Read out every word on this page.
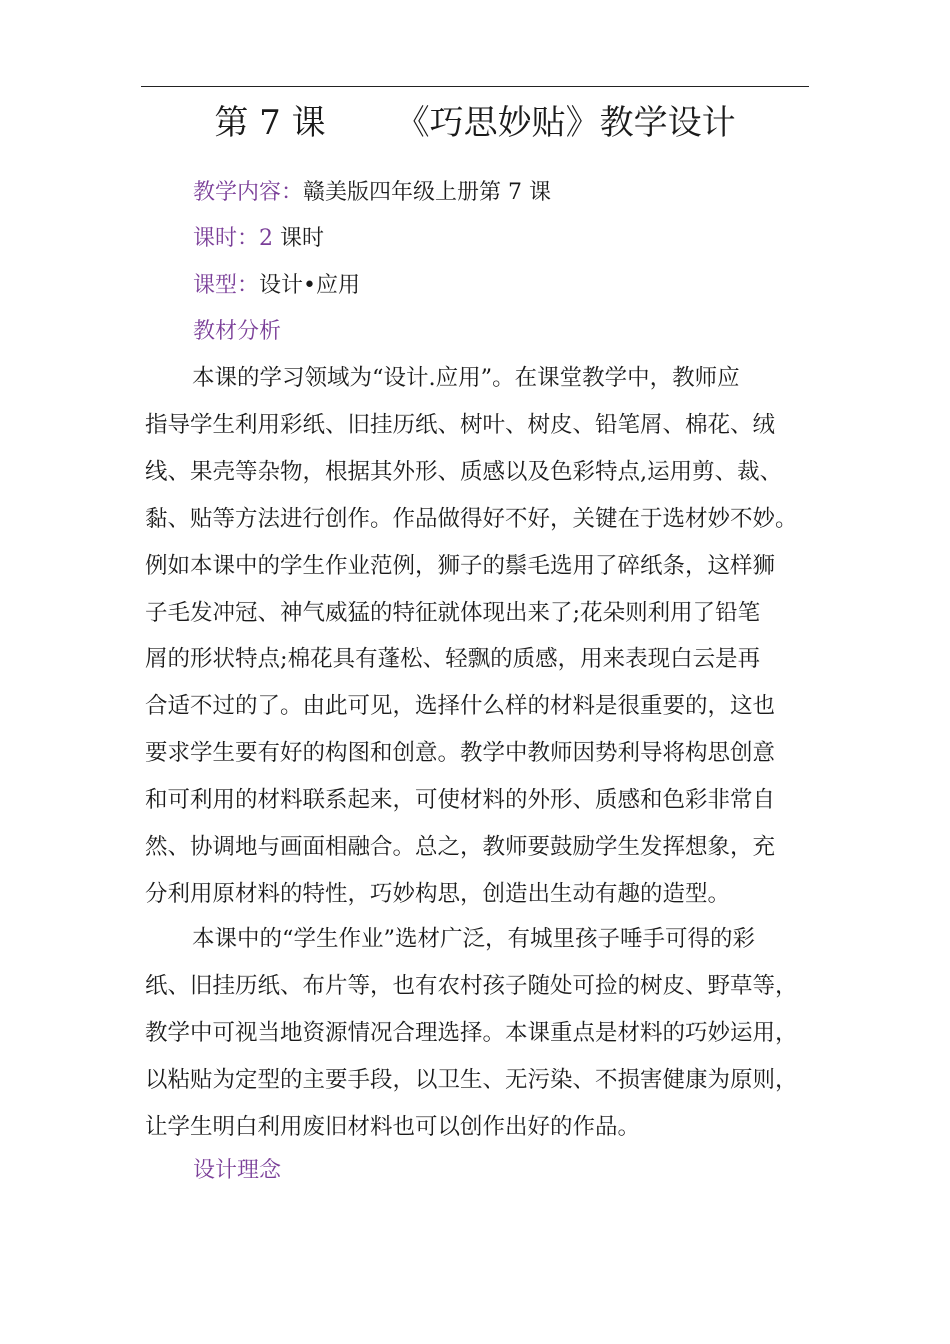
第 7 课 《巧思妙贴》教学设计
教学内容：赣美版四年级上册第 7 课
课时：2 课时
课型：设计•应用
教材分析
本课的学习领域为“设计.应用”。在课堂教学中，教师应
指导学生利用彩纸、旧挂历纸、树叶、树皮、铅笔屑、棉花、绒
线、果壳等杂物，根据其外形、质感以及色彩特点,运用剪、裁、
黏、贴等方法进行创作。作品做得好不好，关键在于选材妙不妙。
例如本课中的学生作业范例，狮子的鬃毛选用了碎纸条，这样狮
子毛发冲冠、神气威猛的特征就体现出来了;花朵则利用了铅笔
屑的形状特点;棉花具有蓬松、轻飘的质感，用来表现白云是再
合适不过的了。由此可见，选择什么样的材料是很重要的，这也
要求学生要有好的构图和创意。教学中教师因势利导将构思创意
和可利用的材料联系起来，可使材料的外形、质感和色彩非常自
然、协调地与画面相融合。总之，教师要鼓励学生发挥想象，充
分利用原材料的特性，巧妙构思，创造出生动有趣的造型。
本课中的“学生作业”选材广泛，有城里孩子唾手可得的彩
纸、旧挂历纸、布片等，也有农村孩子随处可捡的树皮、野草等，
教学中可视当地资源情况合理选择。本课重点是材料的巧妙运用，
以粘贴为定型的主要手段，以卫生、无污染、不损害健康为原则，
让学生明白利用废旧材料也可以创作出好的作品。
设计理念
